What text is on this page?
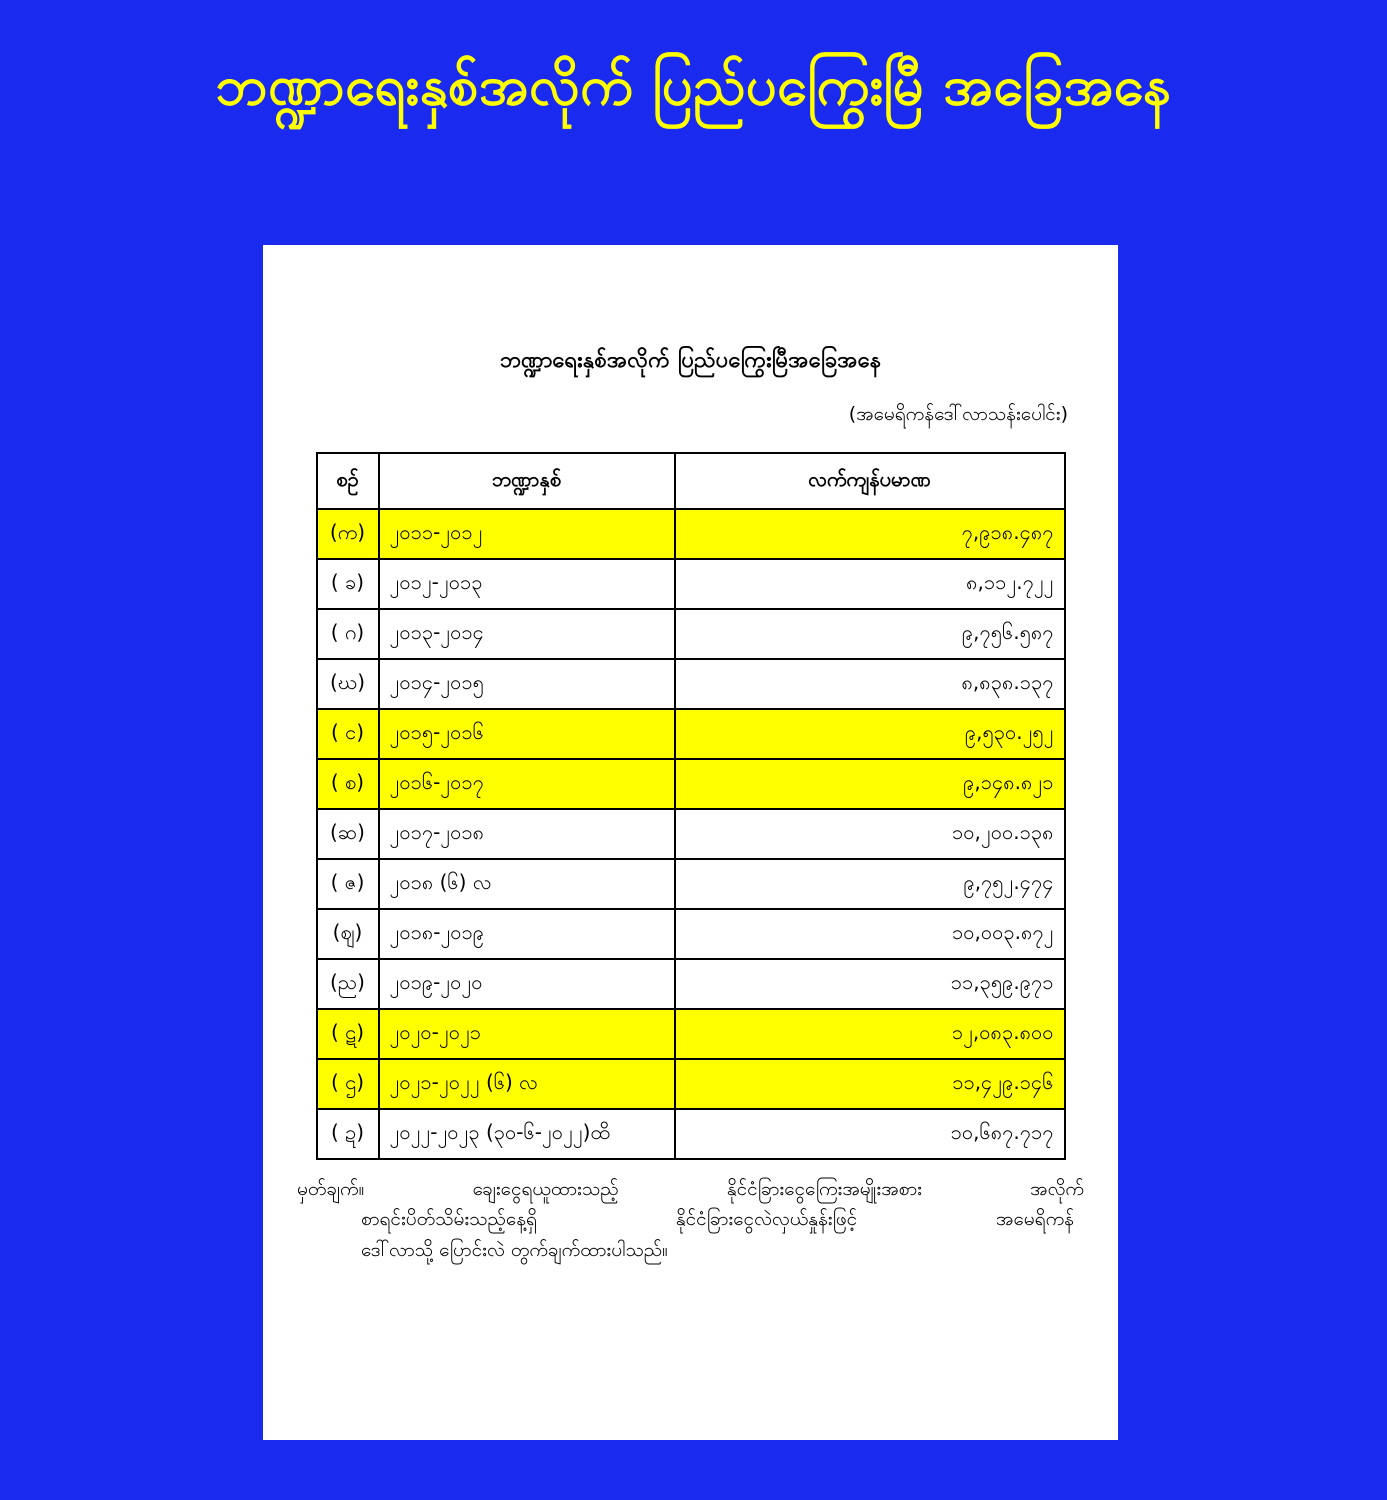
ဘဏ္ဍာရေးနှစ်အလိုက် ပြည်ပကြွေးမြီ အခြေအနေ
ဘဏ္ဍာရေးနှစ်အလိုက် ပြည်ပကြွေးမြီအခြေအနေ
(အမေရိကန်ဒေါ်လာသန်းပေါင်း)
စဉ်	ဘဏ္ဍာနှစ်	လက်ကျန်ပမာဏ
(က)	၂၀၁၁-၂၀၁၂	၇,၉၁၈.၄၈၇
( ခ)	၂၀၁၂-၂၀၁၃	၈,၁၁၂.၇၂၂
( ဂ)	၂၀၁၃-၂၀၁၄	၉,၇၅၆.၅၈၇
(ဃ)	၂၀၁၄-၂၀၁၅	၈,၈၃၈.၁၃၇
( င)	၂၀၁၅-၂၀၁၆	၉,၅၃၀.၂၅၂
( စ)	၂၀၁၆-၂၀၁၇	၉,၁၄၈.၈၂၁
(ဆ)	၂၀၁၇-၂၀၁၈	၁၀,၂၀၀.၁၃၈
( ဇ)	၂၀၁၈ (၆) လ	၉,၇၅၂.၄၇၄
(ဈ)	၂၀၁၈-၂၀၁၉	၁၀,၀၀၃.၈၇၂
(ည)	၂၀၁၉-၂၀၂၀	၁၁,၃၅၉.၉၇၁
( ဋ)	၂၀၂၀-၂၀၂၁	၁၂,၀၈၃.၈၀၀
( ဌ)	၂၀၂၁-၂၀၂၂ (၆) လ	၁၁,၄၂၉.၁၄၆
( ဍ)	၂၀၂၂-၂၀၂၃ (၃၀-၆-၂၀၂၂)ထိ	၁၀,၆၈၇.၇၁၇
မှတ်ချက်။ ချေးငွေရယူထားသည့် နိုင်ငံခြားငွေကြေးအမျိုးအစား အလိုက်
စာရင်းပိတ်သိမ်းသည့်နေ့ရှိ နိုင်ငံခြားငွေလဲလှယ်နှုန်းဖြင့် အမေရိကန်
ဒေါ်လာသို့ ပြောင်းလဲ တွက်ချက်ထားပါသည်။
